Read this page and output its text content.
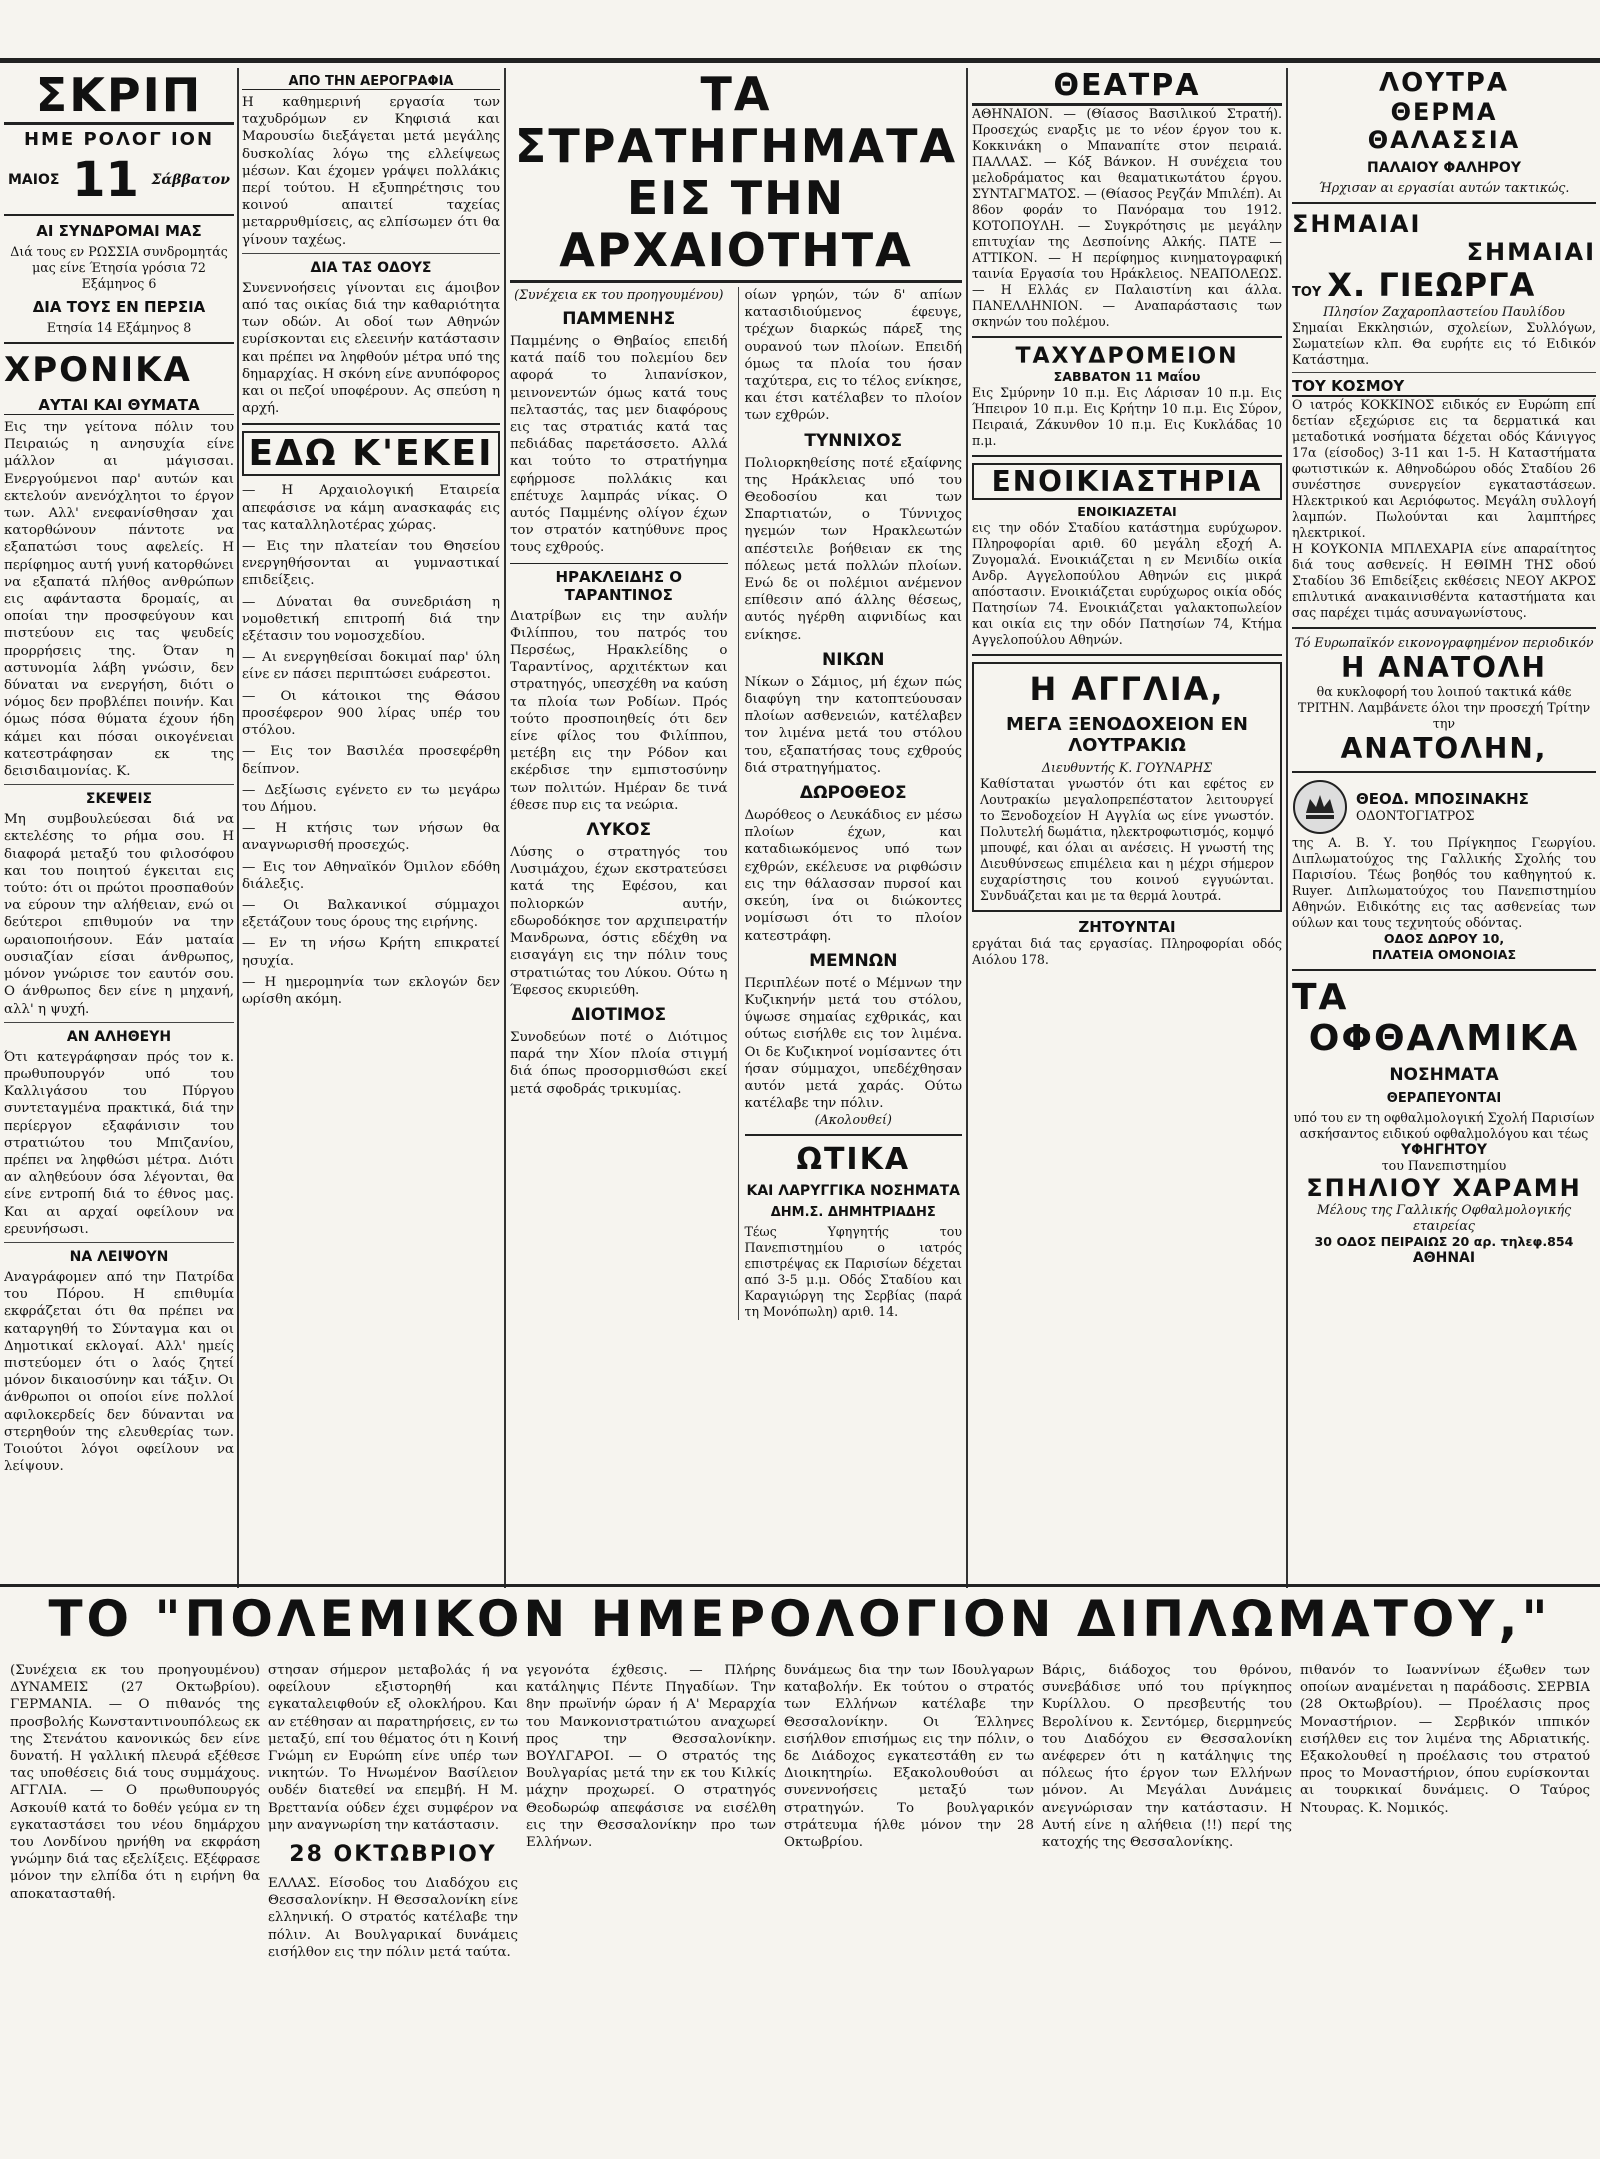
ΣΚΡΙΠ
ΗΜΕ ΡΟΛΟΓ ΙΟΝ
ΜΑΙΟΣ 11 Σάββατον
ΑΙ ΣΥΝΔΡΟΜΑΙ ΜΑΣ

Διά τους εν ΡΩΣΣΙΑ συνδρομητάς μας είνε Έτησία γρόσια 72 Εξάμηνος 6

ΔΙΑ ΤΟΥΣ ΕΝ ΠΕΡΣΙΑ

Ετησία 14 Εξάμηνος 8

ΧΡΟΝΙΚΑ
ΑΥΤΑΙ ΚΑΙ ΘΥΜΑΤΑ

Εις την γείτονα πόλιν του Πειραιώς η ανησυχία είνε μάλλον αι μάγισσαι. Ενεργούμενοι παρ' αυτών και εκτελούν ανενόχλητοι το έργον των. Αλλ' ενεφανίσθησαν χαι κατορθώνουν πάντοτε να εξαπατώσι τους αφελείς. Η περίφημος αυτή γυνή κατορθώνει να εξαπατά πλήθος ανθρώπων εις αφάνταστα δρομαίς, αι οποίαι την προσφεύγουν και πιστεύουν εις τας ψευδείς προρρήσεις της. Όταν η αστυνομία λάβη γνώσιν, δεν δύναται να ενεργήση, διότι ο νόμος δεν προβλέπει ποινήν. Και όμως πόσα θύματα έχουν ήδη κάμει και πόσαι οικογένειαι κατεστράφησαν εκ της δεισιδαιμονίας. Κ.

ΣΚΕΨΕΙΣ

Μη συμβουλεύεσαι διά να εκτελέσης το ρήμα σου. Η διαφορά μεταξύ του φιλοσόφου και του ποιητού έγκειται εις τούτο: ότι οι πρώτοι προσπαθούν να εύρουν την αλήθειαν, ενώ οι δεύτεροι επιθυμούν να την ωραιοποιήσουν. Εάν ματαία ουσιαζίαν είσαι άνθρωπος, μόνον γνώρισε τον εαυτόν σου. Ο άνθρωπος δεν είνε η μηχανή, αλλ' η ψυχή.

ΑΝ ΑΛΗΘΕΥΗ

Ότι κατεγράφησαν πρός τον κ. πρωθυπουργόν υπό του Καλλιγάσου του Πύργου συντεταγμένα πρακτικά, διά την περίεργον εξαφάνισιν του στρατιώτου του Μπιζανίου, πρέπει να ληφθώσι μέτρα. Διότι αν αληθεύουν όσα λέγονται, θα είνε εντροπή διά το έθνος μας. Και αι αρχαί οφείλουν να ερευνήσωσι.

ΝΑ ΛΕΙΨΟΥΝ

Αναγράφομεν από την Πατρίδα του Πόρου. Η επιθυμία εκφράζεται ότι θα πρέπει να καταργηθή το Σύνταγμα και οι Δημοτικαί εκλογαί. Αλλ' ημείς πιστεύομεν ότι ο λαός ζητεί μόνον δικαιοσύνην και τάξιν. Οι άνθρωποι οι οποίοι είνε πολλοί αφιλοκερδείς δεν δύνανται να στερηθούν της ελευθερίας των. Τοιούτοι λόγοι οφείλουν να λείψουν.

ΑΠΟ ΤΗΝ ΑΕΡΟΓΡΑΦΙΑ

Η καθημερινή εργασία των ταχυδρόμων εν Κηφισιά και Μαρουσίω διεξάγεται μετά μεγάλης δυσκολίας λόγω της ελλείψεως μέσων. Και έχομεν γράψει πολλάκις περί τούτου. Η εξυπηρέτησις του κοινού απαιτεί ταχείας μεταρρυθμίσεις, ας ελπίσωμεν ότι θα γίνουν ταχέως.

ΔΙΑ ΤΑΣ ΟΔΟΥΣ

Συνεννοήσεις γίνονται εις άμοιβον από τας οικίας διά την καθαριότητα των οδών. Αι οδοί των Αθηνών ευρίσκονται εις ελεεινήν κατάστασιν και πρέπει να ληφθούν μέτρα υπό της δημαρχίας. Η σκόνη είνε ανυπόφορος και οι πεζοί υποφέρουν. Ας σπεύση η αρχή.

ΕΔΩ Κ'ΕΚΕΙ

— Η Αρχαιολογική Εταιρεία απεφάσισε να κάμη ανασκαφάς εις τας καταλληλοτέρας χώρας.

— Εις την πλατείαν του Θησείου ενεργηθήσονται αι γυμναστικαί επιδείξεις.

— Δύναται θα συνεδριάση η νομοθετική επιτροπή διά την εξέτασιν του νομοσχεδίου.

— Αι ενεργηθείσαι δοκιμαί παρ' ύλη είνε εν πάσει περιπτώσει ευάρεστοι.

— Οι κάτοικοι της Θάσου προσέφερον 900 λίρας υπέρ του στόλου.

— Εις τον Βασιλέα προσεφέρθη δείπνον.

— Δεξίωσις εγένετο εν τω μεγάρω του Δήμου.

— Η κτήσις των νήσων θα αναγνωρισθή προσεχώς.

— Εις τον Αθηναϊκόν Όμιλον εδόθη διάλεξις.

— Οι Βαλκανικοί σύμμαχοι εξετάζουν τους όρους της ειρήνης.

— Εν τη νήσω Κρήτη επικρατεί ησυχία.

— Η ημερομηνία των εκλογών δεν ωρίσθη ακόμη.

ΤΑ ΣΤΡΑΤΗΓΗΜΑΤΑ
ΕΙΣ ΤΗΝ ΑΡΧΑΙΟΤΗΤΑ
(Συνέχεια εκ του προηγουμένου)
ΠΑΜΜΕΝΗΣ

Παμμένης ο Θηβαίος επειδή κατά παίδ του πολεμίου δεν αφορά το λιπανίσκον, μεινονεντών όμως κατά τους πελταστάς, τας μεν διαφόρους εις τας στρατιάς κατά τας πεδιάδας παρετάσσετο. Αλλά και τούτο το στρατήγημα εφήρμοσε πολλάκις και επέτυχε λαμπράς νίκας. Ο αυτός Παμμένης ολίγον έχων τον στρατόν κατηύθυνε προς τους εχθρούς.

ΗΡΑΚΛΕΙΔΗΣ Ο ΤΑΡΑΝΤΙΝΟΣ

Διατρίβων εις την αυλήν Φιλίππου, του πατρός του Περσέως, Ηρακλείδης ο Ταραντίνος, αρχιτέκτων και στρατηγός, υπεσχέθη να καύση τα πλοία των Ροδίων. Πρός τούτο προσποιηθείς ότι δεν είνε φίλος του Φιλίππου, μετέβη εις την Ρόδον και εκέρδισε την εμπιστοσύνην των πολιτών. Ημέραν δε τινά έθεσε πυρ εις τα νεώρια.

ΛΥΚΟΣ

Λύσης ο στρατηγός του Λυσιμάχου, έχων εκστρατεύσει κατά της Εφέσου, και πολιορκών αυτήν, εδωροδόκησε τον αρχιπειρατήν Μανδρωνα, όστις εδέχθη να εισαγάγη εις την πόλιν τους στρατιώτας του Λύκου. Ούτω η Έφεσος εκυριεύθη.

ΔΙΟΤΙΜΟΣ

Συνοδεύων ποτέ ο Διότιμος παρά την Χίον πλοία στιγμή διά όπως προσορμισθώσι εκεί μετά σφοδράς τρικυμίας.

οίων γρηών, τών δ' απίων κατασιδιούμενος έφευγε, τρέχων διαρκώς πάρεξ της ουρανού των πλοίων. Επειδή όμως τα πλοία του ήσαν ταχύτερα, εις το τέλος ενίκησε, και έτσι κατέλαβεν το πλοίον των εχθρών.

ΤΥΝΝΙΧΟΣ

Πολιορκηθείσης ποτέ εξαίφνης της Ηράκλειας υπό του Θεοδοσίου και των Σπαρτιατών, ο Τύννιχος ηγεμών των Ηρακλεωτών απέστειλε βοήθειαν εκ της πόλεως μετά πολλών πλοίων. Ενώ δε οι πολέμιοι ανέμενον επίθεσιν από άλλης θέσεως, αυτός ηγέρθη αιφνιδίως και ενίκησε.

ΝΙΚΩΝ

Νίκων ο Σάμιος, μή έχων πώς διαφύγη την κατοπτεύουσαν πλοίων ασθενειών, κατέλαβεν τον λιμένα μετά του στόλου του, εξαπατήσας τους εχθρούς διά στρατηγήματος.

ΔΩΡΟΘΕΟΣ

Δωρόθεος ο Λευκάδιος εν μέσω πλοίων έχων, και καταδιωκόμενος υπό των εχθρών, εκέλευσε να ριφθώσιν εις την θάλασσαν πυρσοί και σκεύη, ίνα οι διώκοντες νομίσωσι ότι το πλοίον κατεστράφη.

ΜΕΜΝΩΝ

Περιπλέων ποτέ ο Μέμνων την Κυζικηνήν μετά του στόλου, ύψωσε σημαίας εχθρικάς, και ούτως εισήλθε εις τον λιμένα. Οι δε Κυζικηνοί νομίσαντες ότι ήσαν σύμμαχοι, υπεδέχθησαν αυτόν μετά χαράς. Ούτω κατέλαβε την πόλιν.

(Ακολουθεί)
ΩΤΙΚΑ
ΚΑΙ ΛΑΡΥΓΓΙΚΑ ΝΟΣΗΜΑΤΑ
ΔΗΜ.Σ. ΔΗΜΗΤΡΙΑΔΗΣ

Τέως Υφηγητής του Πανεπιστημίου ο ιατρός επιστρέψας εκ Παρισίων δέχεται από 3-5 μ.μ. Οδός Σταδίου και Καραγιώργη της Σερβίας (παρά τη Μονόπωλη) αριθ. 14.

ΘΕΑΤΡΑ

ΑΘΗΝΑΙΟΝ. — (Θίασος Βασιλικού Στρατή). Προσεχώς εναρξις με το νέον έργον του κ. Κοκκινάκη ο Μπαναπίτε στον πειραιά. ΠΑΛΛΑΣ. — Κόξ Βάνκον. Η συνέχεια του μελοδράματος και θεαματικωτάτου έργου. ΣΥΝΤΑΓΜΑΤΟΣ. — (Θίασος Ρεγζάν Μπιλέπ). Αι 86ον φοράν το Πανόραμα του 1912. ΚΟΤΟΠΟΥΛΗ. — Συγκρότησις με μεγάλην επιτυχίαν της Δεσποίνης Αλκής. ΠΑΤΕ — ΑΤΤΙΚΟΝ. — Η περίφημος κινηματογραφική ταινία Εργασία του Ηράκλειος. ΝΕΑΠΟΛΕΩΣ. — Η Ελλάς εν Παλαιστίνη και άλλα. ΠΑΝΕΛΛΗΝΙΟΝ. — Αναπαράστασις των σκηνών του πολέμου.

ΤΑΧΥΔΡΟΜΕΙΟΝ
ΣΑΒΒΑΤΟΝ 11 Μαΐου

Εις Σμύρνην 10 π.μ. Εις Λάρισαν 10 π.μ. Εις Ήπειρον 10 π.μ. Εις Κρήτην 10 π.μ. Εις Σύρον, Πειραιά, Ζάκυνθον 10 π.μ. Εις Κυκλάδας 10 π.μ.

ΕΝΟΙΚΙΑΣΤΗΡΙΑ
ΕΝΟΙΚΙΑΖΕΤΑΙ

εις την οδόν Σταδίου κατάστημα ευρύχωρον. Πληροφορίαι αριθ. 60 μεγάλη εξοχή Α. Ζυγομαλά. Ενοικιάζεται η εν Μενιδίω οικία Ανδρ. Αγγελοπούλου Αθηνών εις μικρά απόστασιν. Ενοικιάζεται ευρύχωρος οικία οδός Πατησίων 74. Ενοικιάζεται γαλακτοπωλείον και οικία εις την οδόν Πατησίων 74, Κτήμα Αγγελοπούλου Αθηνών.

Η ΑΓΓΛΙΑ,
ΜΕΓΑ ΞΕΝΟΔΟΧΕΙΟΝ ΕΝ ΛΟΥΤΡΑΚΙΩ
Διευθυντής Κ. ΓΟΥΝΑΡΗΣ

Καθίσταται γνωστόν ότι και εφέτος εν Λουτρακίω μεγαλοπρεπέστατον λειτουργεί το Ξενοδοχείον Η Αγγλία ως είνε γνωστόν. Πολυτελή δωμάτια, ηλεκτροφωτισμός, κομψό μπουφέ, και όλαι αι ανέσεις. Η γνωστή της Διευθύνσεως επιμέλεια και η μέχρι σήμερον ευχαρίστησις του κοινού εγγυώνται. Συνδυάζεται και με τα θερμά λουτρά.

ΖΗΤΟΥΝΤΑΙ

εργάται διά τας εργασίας. Πληροφορίαι οδός Αιόλου 178.

ΛΟΥΤΡΑ
ΘΕΡΜΑ
ΘΑΛΑΣΣΙΑ
ΠΑΛΑΙΟΥ ΦΑΛΗΡΟΥ

Ήρχισαν αι εργασίαι αυτών τακτικώς.

ΣΗΜΑΙΑΙ
ΣΗΜΑΙΑΙ
ΤΟΥ Χ. ΓΙΕΩΡΓΑ
Πλησίον Ζαχαροπλαστείου Παυλίδου

Σημαίαι Εκκλησιών, σχολείων, Συλλόγων, Σωματείων κλπ. Θα ευρήτε εις τό Ειδικόν Κατάστημα.

ΤΟΥ ΚΟΣΜΟΥ

Ο ιατρός ΚΟΚΚΙΝΟΣ ειδικός εν Ευρώπη επί δετίαν εξεχώρισε εις τα δερματικά και μεταδοτικά νοσήματα δέχεται οδός Κάνιγγος 17α (είσοδος) 3-11 και 1-5. Η Καταστήματα φωτιστικών κ. Αθηνοδώρου οδός Σταδίου 26 συνέστησε συνεργείον εγκαταστάσεων. Ηλεκτρικού και Αεριόφωτος. Μεγάλη συλλογή λαμπών. Πωλούνται και λαμπτήρες ηλεκτρικοί.

Η ΚΟΥΚΟΝΙΑ ΜΠΛΕΧΑΡΙΑ είνε απαραίτητος διά τους ασθενείς. Η ΕΘΙΜΗ ΤΗΣ οδού Σταδίου 36 Επιδείξεις εκθέσεις ΝΕΟΥ ΑΚΡΟΣ επιλυτικά ανακαινισθέντα καταστήματα και σας παρέχει τιμάς ασυναγωνίστους.

Τό Ευρωπαϊκόν εικονογραφημένον περιοδικόν

Η ΑΝΑΤΟΛΗ

θα κυκλοφορή του λοιπού τακτικά κάθε ΤΡΙΤΗΝ. Λαμβάνετε όλοι την προσεχή Τρίτην την

ΑΝΑΤΟΛΗΝ,
ΘΕΟΔ. ΜΠΟΣΙΝΑΚΗΣ
ΟΔΟΝΤΟΓΙΑΤΡΟΣ

της Α. Β. Υ. του Πρίγκηπος Γεωργίου. Διπλωματούχος της Γαλλικής Σχολής του Παρισίου. Τέως βοηθός του καθηγητού κ. Ruyer. Διπλωματούχος του Πανεπιστημίου Αθηνών. Ειδικότης εις τας ασθενείας των ούλων και τους τεχνητούς οδόντας.

ΟΔΟΣ ΔΩΡΟΥ 10,
ΠΛΑΤΕΙΑ ΟΜΟΝΟΙΑΣ
ΤΑ
ΟΦΘΑΛΜΙΚΑ
ΝΟΣΗΜΑΤΑ
ΘΕΡΑΠΕΥΟΝΤΑΙ

υπό του εν τη οφθαλμολογική Σχολή Παρισίων ασκήσαντος ειδικού οφθαλμολόγου και τέως

ΥΦΗΓΗΤΟΥ
του Πανεπιστημίου
ΣΠΗΛΙΟΥ ΧΑΡΑΜΗ
Μέλους της Γαλλικής Οφθαλμολογικής εταιρείας
30 ΟΔΟΣ ΠΕΙΡΑΙΩΣ 20 αρ. τηλεφ.854
ΑΘΗΝΑΙ
ΤΟ "ΠΟΛΕΜΙΚΟΝ ΗΜΕΡΟΛΟΓΙΟΝ ΔΙΠΛΩΜΑΤΟΥ,"

(Συνέχεια εκ του προηγουμένου) ΔΥΝΑΜΕΙΣ (27 Οκτωβρίου). ΓΕΡΜΑΝΙΑ. — Ο πιθανός της προσβολής Κωνσταντινουπόλεως εκ της Στενάτου κανονικώς δεν είνε δυνατή. Η γαλλική πλευρά εξέθεσε τας υποθέσεις διά τους συμμάχους. ΑΓΓΛΙΑ. — Ο πρωθυπουργός Ασκουίθ κατά το δοθέν γεύμα εν τη εγκαταστάσει του νέου δημάρχου του Λονδίνου ηρνήθη να εκφράση γνώμην διά τας εξελίξεις. Εξέφρασε μόνον την ελπίδα ότι η ειρήνη θα αποκατασταθή.

στησαν σήμερον μεταβολάς ή να οφείλουν εξιστορηθή και εγκαταλειφθούν εξ ολοκλήρου. Και αν ετέθησαν αι παρατηρήσεις, εν τω μεταξύ, επί του θέματος ότι η Κοινή Γνώμη εν Ευρώπη είνε υπέρ των νικητών. Το Ηνωμένον Βασίλειον ουδέν διατεθεί να επεμβή. Η Μ. Βρεττανία ούδεν έχει συμφέρον να μην αναγνωρίση την κατάστασιν.

28 ΟΚΤΩΒΡΙΟΥ

ΕΛΛΑΣ. Είσοδος του Διαδόχου εις Θεσσαλονίκην. Η Θεσσαλονίκη είνε ελληνική. Ο στρατός κατέλαβε την πόλιν. Αι Βουλγαρικαί δυνάμεις εισήλθον εις την πόλιν μετά ταύτα.

γεγονότα έχθεσις. — Πλήρης κατάληψις Πέντε Πηγαδίων. Την 8ην πρωϊνήν ώραν ή Α' Μεραρχία του Μανκονιστρατιώτου αναχωρεί προς την Θεσσαλονίκην. ΒΟΥΛΓΑΡΟΙ. — Ο στρατός της Βουλγαρίας μετά την εκ του Κιλκίς μάχην προχωρεί. Ο στρατηγός Θεοδωρώφ απεφάσισε να εισέλθη εις την Θεσσαλονίκην προ των Ελλήνων.

δυνάμεως δια την των Ιδουλγαρων καταβολήν. Εκ τούτου ο στρατός των Ελλήνων κατέλαβε την Θεσσαλονίκην. Οι Έλληνες εισήλθον επισήμως εις την πόλιν, ο δε Διάδοχος εγκατεστάθη εν τω Διοικητηρίω. Εξακολουθούσι αι συνεννοήσεις μεταξύ των στρατηγών. Το βουλγαρικόν στράτευμα ήλθε μόνον την 28 Οκτωβρίου.

Βάρις, διάδοχος του θρόνου, συνεβάδισε υπό του πρίγκηπος Κυρίλλου. Ο πρεσβευτής του Βερολίνου κ. Σεντόμερ, διερμηνεύς του Διαδόχου εν Θεσσαλονίκη ανέφερεν ότι η κατάληψις της πόλεως ήτο έργον των Ελλήνων μόνον. Αι Μεγάλαι Δυνάμεις ανεγνώρισαν την κατάστασιν. Η Αυτή είνε η αλήθεια (!!) περί της κατοχής της Θεσσαλονίκης.

πιθανόν το Ιωαννίνων έξωθεν των οποίων αναμένεται η παράδοσις. ΣΕΡΒΙΑ (28 Οκτωβρίου). — Προέλασις προς Μοναστήριον. — Σερβικόν ιππικόν εισήλθεν εις τον λιμένα της Αδριατικής. Εξακολουθεί η προέλασις του στρατού προς το Μοναστήριον, όπου ευρίσκονται αι τουρκικαί δυνάμεις. Ο Ταύρος Ντουρας. Κ. Νομικός.
